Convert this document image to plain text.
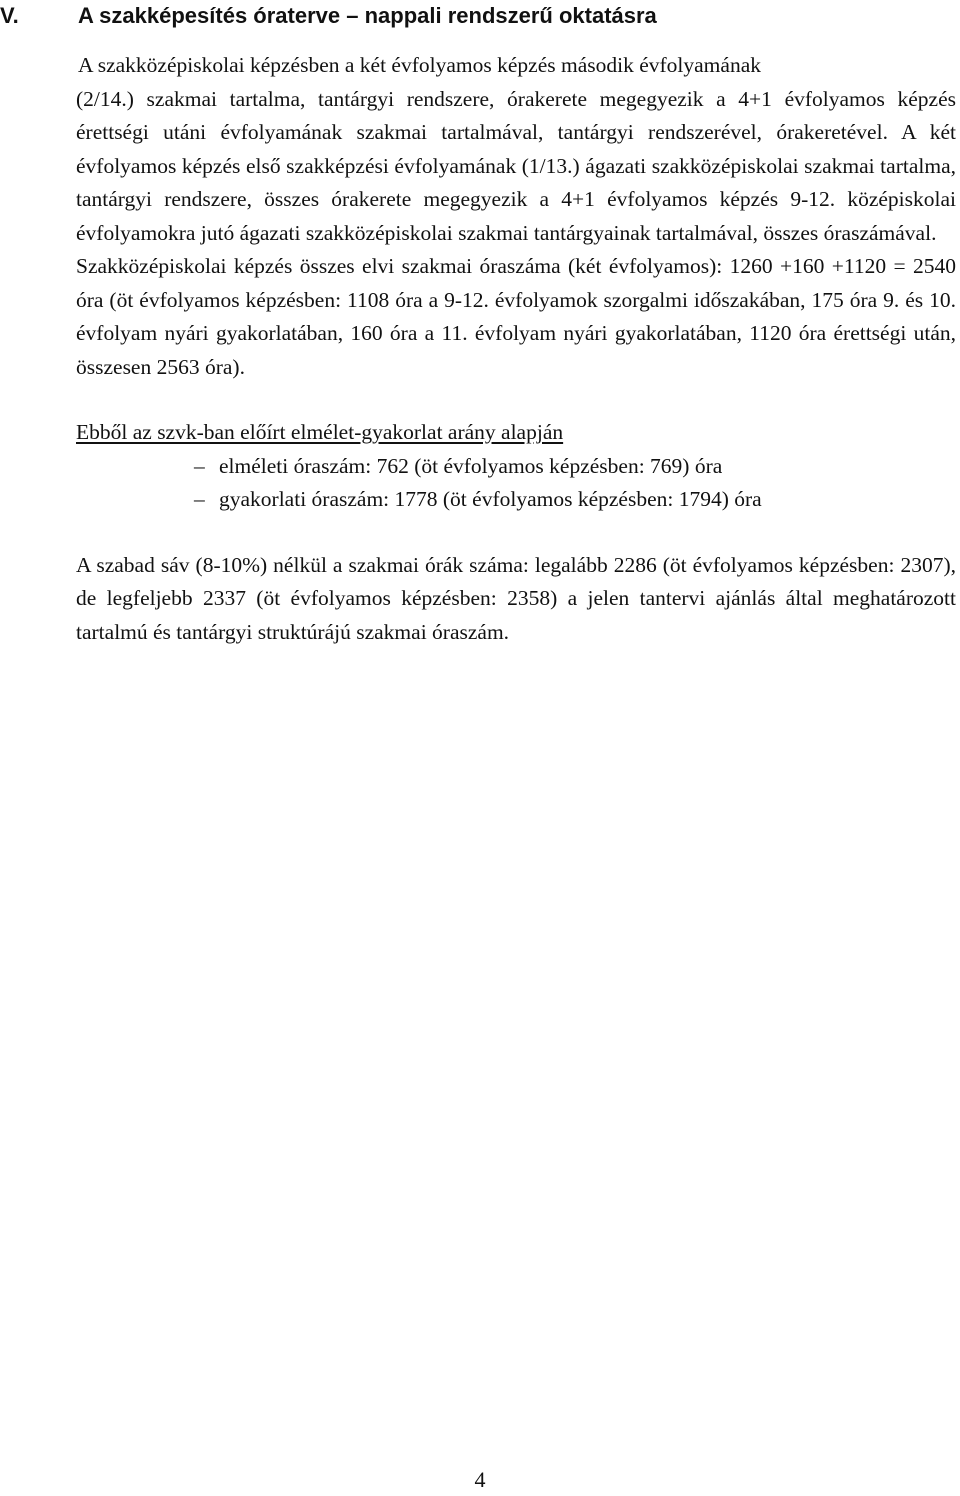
V.	A szakképesítés óraterve – nappali rendszerű oktatásra

A szakközépiskolai képzésben a két évfolyamos képzés második évfolyamának

(2/14.) szakmai tartalma, tantárgyi rendszere, órakerete megegyezik a 4+1 évfolyamos képzés érettségi utáni évfolyamának szakmai tartalmával, tantárgyi rendszerével, órakeretével. A két évfolyamos képzés első szakképzési évfolyamának (1/13.) ágazati szakközépiskolai szakmai tartalma, tantárgyi rendszere, összes órakerete megegyezik a 4+1 évfolyamos képzés 9-12. középiskolai évfolyamokra jutó ágazati szakközépiskolai szakmai tantárgyainak tartalmával, összes óraszámával.

Szakközépiskolai képzés összes elvi szakmai óraszáma (két évfolyamos): 1260 +160 +1120 = 2540 óra (öt évfolyamos képzésben: 1108 óra a 9-12. évfolyamok szorgalmi időszakában, 175 óra 9. és 10. évfolyam nyári gyakorlatában, 160 óra a 11. évfolyam nyári gyakorlatában, 1120 óra érettségi után, összesen 2563 óra).

Ebből az szvk-ban előírt elmélet-gyakorlat arány alapján

– elméleti óraszám: 762 (öt évfolyamos képzésben: 769) óra
– gyakorlati óraszám: 1778 (öt évfolyamos képzésben: 1794) óra

A szabad sáv (8-10%) nélkül a szakmai órák száma: legalább 2286 (öt évfolyamos képzésben: 2307), de legfeljebb 2337 (öt évfolyamos képzésben: 2358) a jelen tantervi ajánlás által meghatározott tartalmú és tantárgyi struktúrájú szakmai óraszám.

4
